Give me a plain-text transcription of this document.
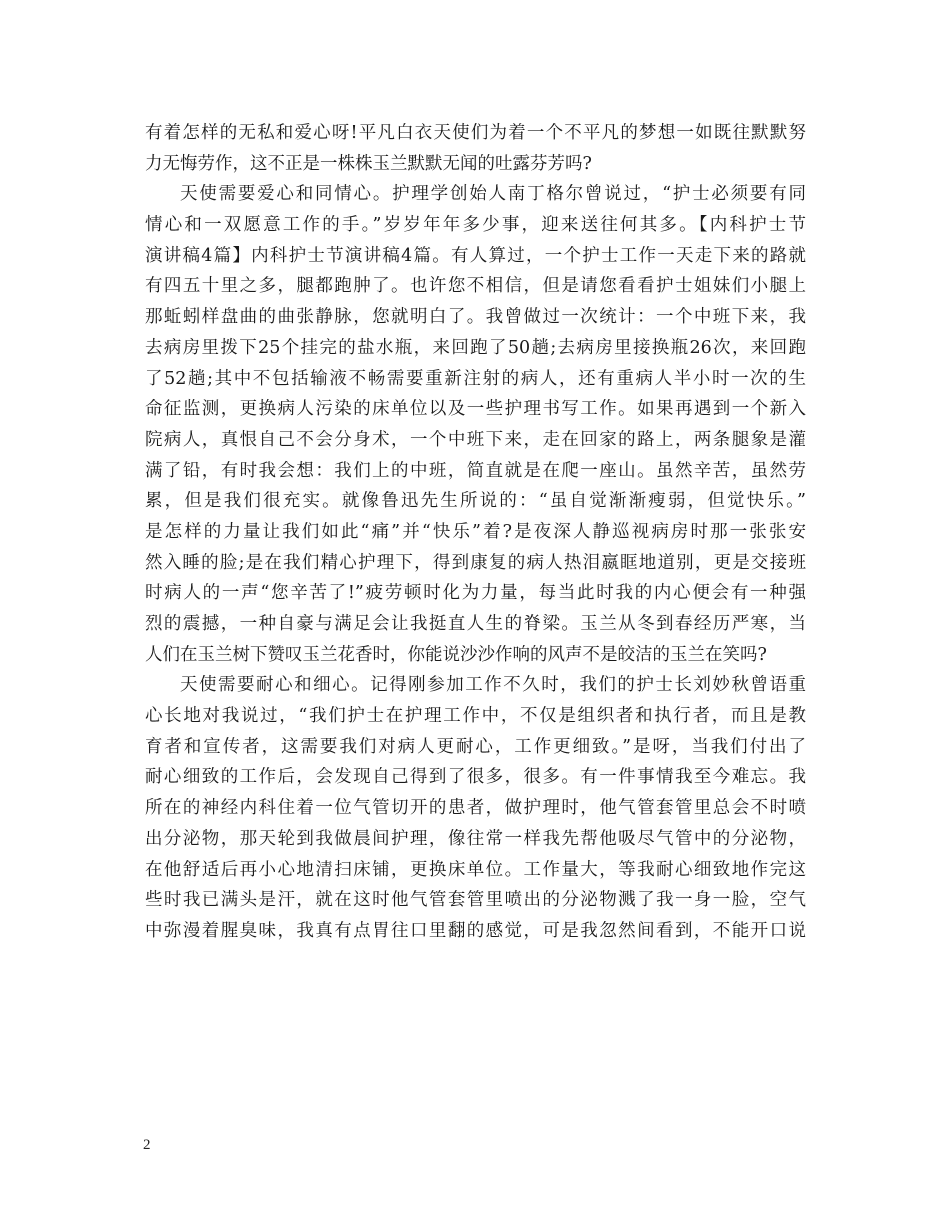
有着怎样的无私和爱心呀!平凡白衣天使们为着一个不平凡的梦想一如既往默默努
力无悔劳作，这不正是一株株玉兰默默无闻的吐露芬芳吗?
天使需要爱心和同情心。护理学创始人南丁格尔曾说过，“护士必须要有同
情心和一双愿意工作的手。”岁岁年年多少事，迎来送往何其多。【内科护士节
演讲稿4篇】内科护士节演讲稿4篇。有人算过，一个护士工作一天走下来的路就
有四五十里之多，腿都跑肿了。也许您不相信，但是请您看看护士姐妹们小腿上
那蚯蚓样盘曲的曲张静脉，您就明白了。我曾做过一次统计：一个中班下来，我
去病房里拨下25个挂完的盐水瓶，来回跑了50趟;去病房里接换瓶26次，来回跑
了52趟;其中不包括输液不畅需要重新注射的病人，还有重病人半小时一次的生
命征监测，更换病人污染的床单位以及一些护理书写工作。如果再遇到一个新入
院病人，真恨自己不会分身术，一个中班下来，走在回家的路上，两条腿象是灌
满了铅，有时我会想：我们上的中班，简直就是在爬一座山。虽然辛苦，虽然劳
累，但是我们很充实。就像鲁迅先生所说的：“虽自觉渐渐瘦弱，但觉快乐。”
是怎样的力量让我们如此“痛”并“快乐”着?是夜深人静巡视病房时那一张张安
然入睡的脸;是在我们精心护理下，得到康复的病人热泪嬴眶地道别，更是交接班
时病人的一声“您辛苦了!”疲劳顿时化为力量，每当此时我的内心便会有一种强
烈的震撼，一种自豪与满足会让我挺直人生的脊梁。玉兰从冬到春经历严寒，当
人们在玉兰树下赞叹玉兰花香时，你能说沙沙作响的风声不是皎洁的玉兰在笑吗?
天使需要耐心和细心。记得刚参加工作不久时，我们的护士长刘妙秋曾语重
心长地对我说过，“我们护士在护理工作中，不仅是组织者和执行者，而且是教
育者和宣传者，这需要我们对病人更耐心，工作更细致。”是呀，当我们付出了
耐心细致的工作后，会发现自己得到了很多，很多。有一件事情我至今难忘。我
所在的神经内科住着一位气管切开的患者，做护理时，他气管套管里总会不时喷
出分泌物，那天轮到我做晨间护理，像往常一样我先帮他吸尽气管中的分泌物，
在他舒适后再小心地清扫床铺，更换床单位。工作量大，等我耐心细致地作完这
些时我已满头是汗，就在这时他气管套管里喷出的分泌物溅了我一身一脸，空气
中弥漫着腥臭味，我真有点胃往口里翻的感觉，可是我忽然间看到，不能开口说
2
